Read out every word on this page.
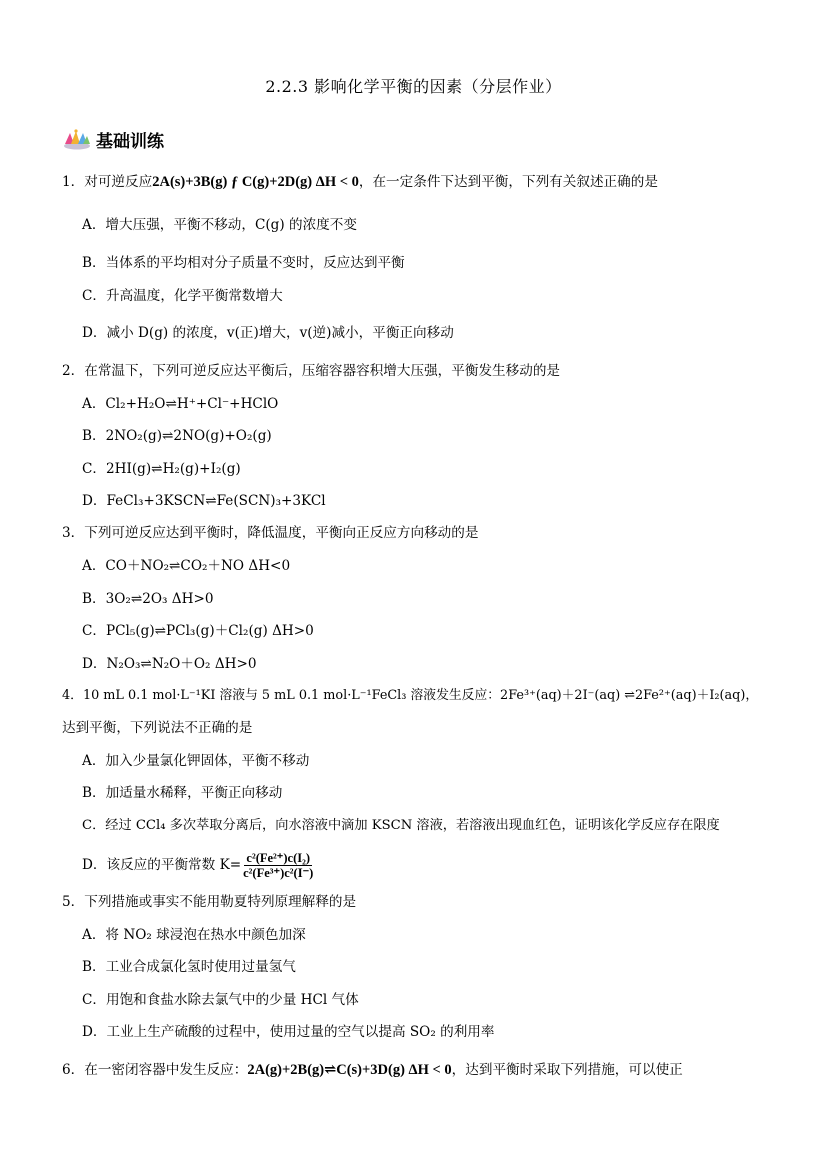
2.2.3 影响化学平衡的因素（分层作业）
基础训练
1．对可逆反应2A(s)+3B(g) ƒ C(g)+2D(g) ΔH < 0，在一定条件下达到平衡，下列有关叙述正确的是
A．增大压强，平衡不移动，C(g) 的浓度不变
B．当体系的平均相对分子质量不变时，反应达到平衡
C．升高温度，化学平衡常数增大
D．减小 D(g) 的浓度，v(正)增大，v(逆)减小，平衡正向移动
2．在常温下，下列可逆反应达平衡后，压缩容器容积增大压强，平衡发生移动的是
A．Cl₂+H₂O⇌H⁺+Cl⁻+HClO
B．2NO₂(g)⇌2NO(g)+O₂(g)
C．2HI(g)⇌H₂(g)+I₂(g)
D．FeCl₃+3KSCN⇌Fe(SCN)₃+3KCl
3．下列可逆反应达到平衡时，降低温度，平衡向正反应方向移动的是
A．CO＋NO₂⇌CO₂＋NO ΔH<0
B．3O₂⇌2O₃ ΔH>0
C．PCl₅(g)⇌PCl₃(g)＋Cl₂(g) ΔH>0
D．N₂O₃⇌N₂O＋O₂ ΔH>0
4．10 mL 0.1 mol·L⁻¹KI 溶液与 5 mL 0.1 mol·L⁻¹FeCl₃ 溶液发生反应：2Fe³⁺(aq)＋2I⁻(aq) ⇌2Fe²⁺(aq)＋I₂(aq)，
达到平衡，下列说法不正确的是
A．加入少量氯化钾固体，平衡不移动
B．加适量水稀释，平衡正向移动
C．经过 CCl₄ 多次萃取分离后，向水溶液中滴加 KSCN 溶液，若溶液出现血红色，证明该化学反应存在限度
D．该反应的平衡常数 $K= \frac{\text{c²(Fe²⁺)c(I₂)}}{\text{c²(Fe³⁺)c²(I⁻)}}$
5．下列措施或事实不能用勒夏特列原理解释的是
A．将 NO₂ 球浸泡在热水中颜色加深
B．工业合成氯化氢时使用过量氢气
C．用饱和食盐水除去氯气中的少量 HCl 气体
D．工业上生产硫酸的过程中，使用过量的空气以提高 SO₂ 的利用率
6．在一密闭容器中发生反应：2A(g)+2B(g)⇌C(s)+3D(g) ΔH < 0，达到平衡时采取下列措施，可以使正
